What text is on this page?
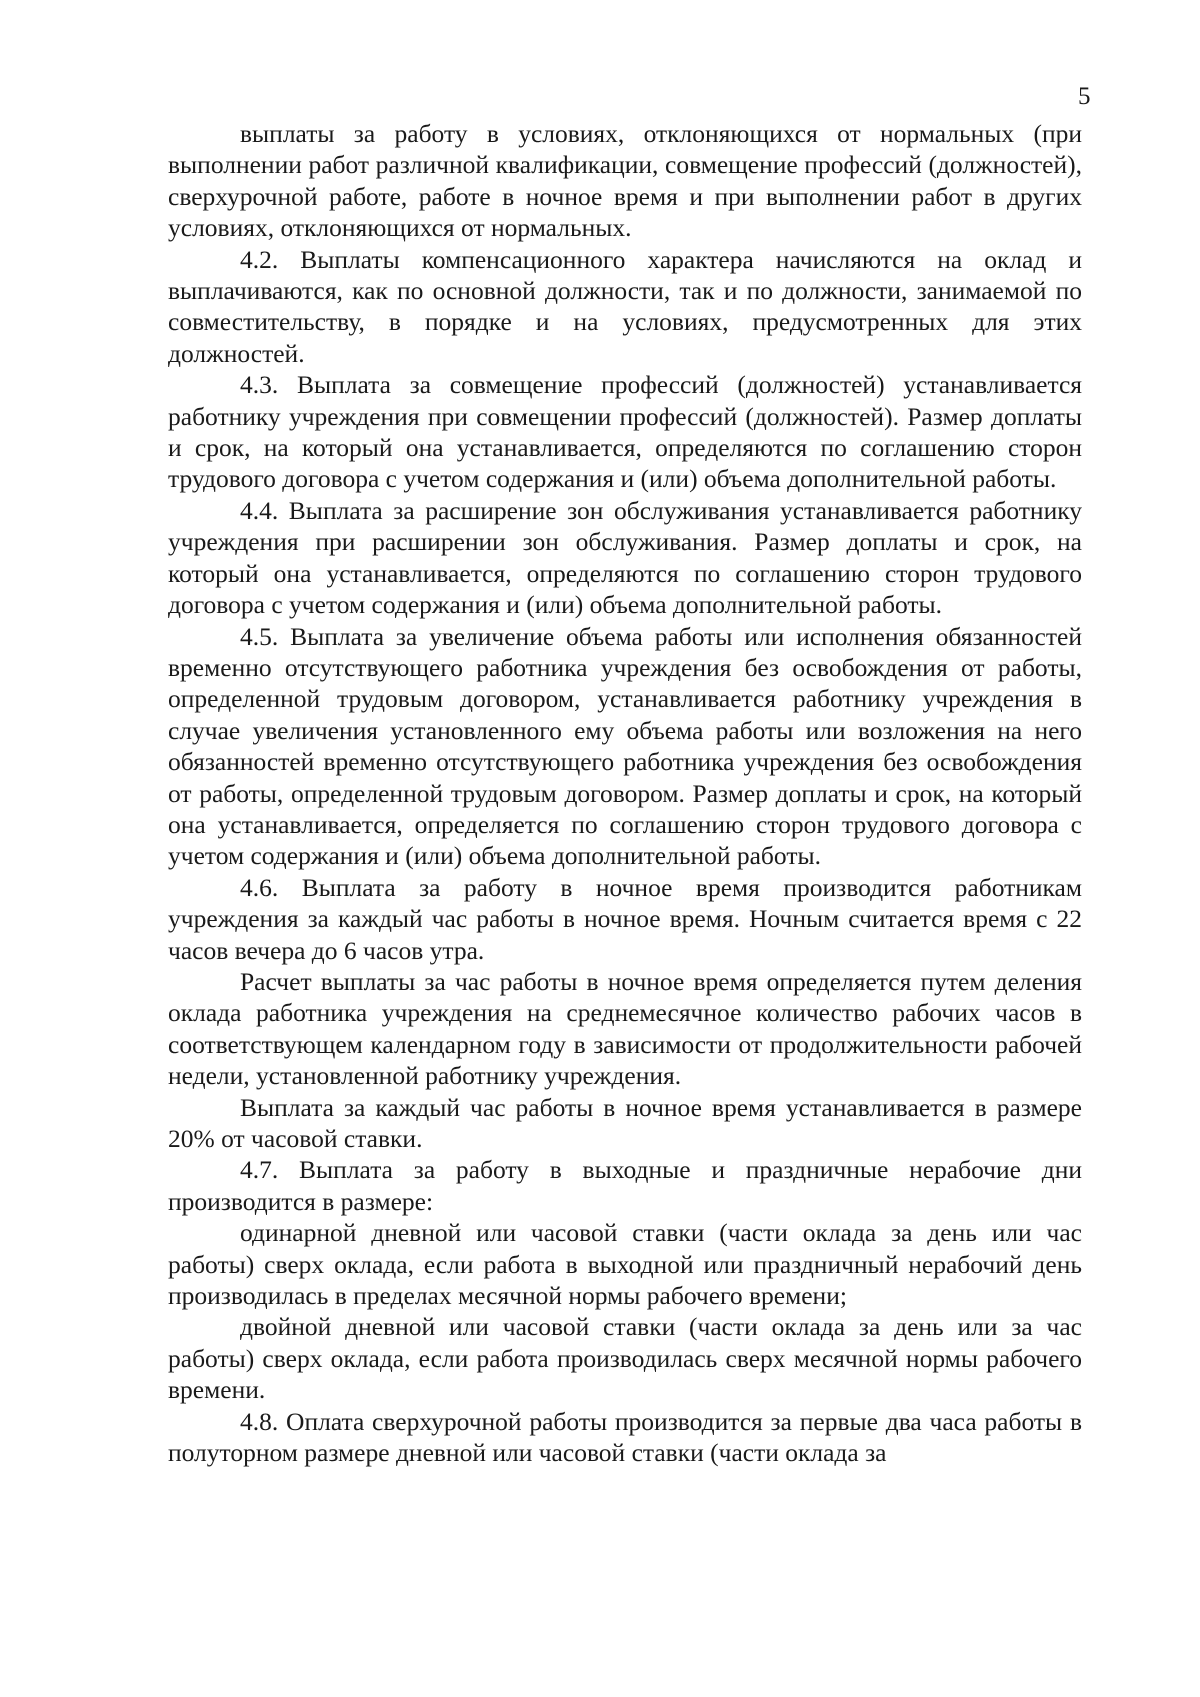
5

выплаты за работу в условиях, отклоняющихся от нормальных (при выполнении работ различной квалификации, совмещение профессий (должностей), сверхурочной работе, работе в ночное время и при выполнении работ в других условиях, отклоняющихся от нормальных.

4.2. Выплаты компенсационного характера начисляются на оклад и выплачиваются, как по основной должности, так и по должности, занимаемой по совместительству, в порядке и на условиях, предусмотренных для этих должностей.

4.3. Выплата за совмещение профессий (должностей) устанавливается работнику учреждения при совмещении профессий (должностей). Размер доплаты и срок, на который она устанавливается, определяются по соглашению сторон трудового договора с учетом содержания и (или) объема дополнительной работы.

4.4. Выплата за расширение зон обслуживания устанавливается работнику учреждения при расширении зон обслуживания. Размер доплаты и срок, на который она устанавливается, определяются по соглашению сторон трудового договора с учетом содержания и (или) объема дополнительной работы.

4.5. Выплата за увеличение объема работы или исполнения обязанностей временно отсутствующего работника учреждения без освобождения от работы, определенной трудовым договором, устанавливается работнику учреждения в случае увеличения установленного ему объема работы или возложения на него обязанностей временно отсутствующего работника учреждения без освобождения от работы, определенной трудовым договором. Размер доплаты и срок, на который она устанавливается, определяется по соглашению сторон трудового договора с учетом содержания и (или) объема дополнительной работы.

4.6. Выплата за работу в ночное время производится работникам учреждения за каждый час работы в ночное время. Ночным считается время с 22 часов вечера до 6 часов утра.

Расчет выплаты за час работы в ночное время определяется путем деления оклада работника учреждения на среднемесячное количество рабочих часов в соответствующем календарном году в зависимости от продолжительности рабочей недели, установленной работнику учреждения.

Выплата за каждый час работы в ночное время устанавливается в размере 20% от часовой ставки.

4.7. Выплата за работу в выходные и праздничные нерабочие дни производится в размере:

одинарной дневной или часовой ставки (части оклада за день или час работы) сверх оклада, если работа в выходной или праздничный нерабочий день производилась в пределах месячной нормы рабочего времени;

двойной дневной или часовой ставки (части оклада за день или за час работы) сверх оклада, если работа производилась сверх месячной нормы рабочего времени.

4.8. Оплата сверхурочной работы производится за первые два часа работы в полуторном размере дневной или часовой ставки (части оклада за
